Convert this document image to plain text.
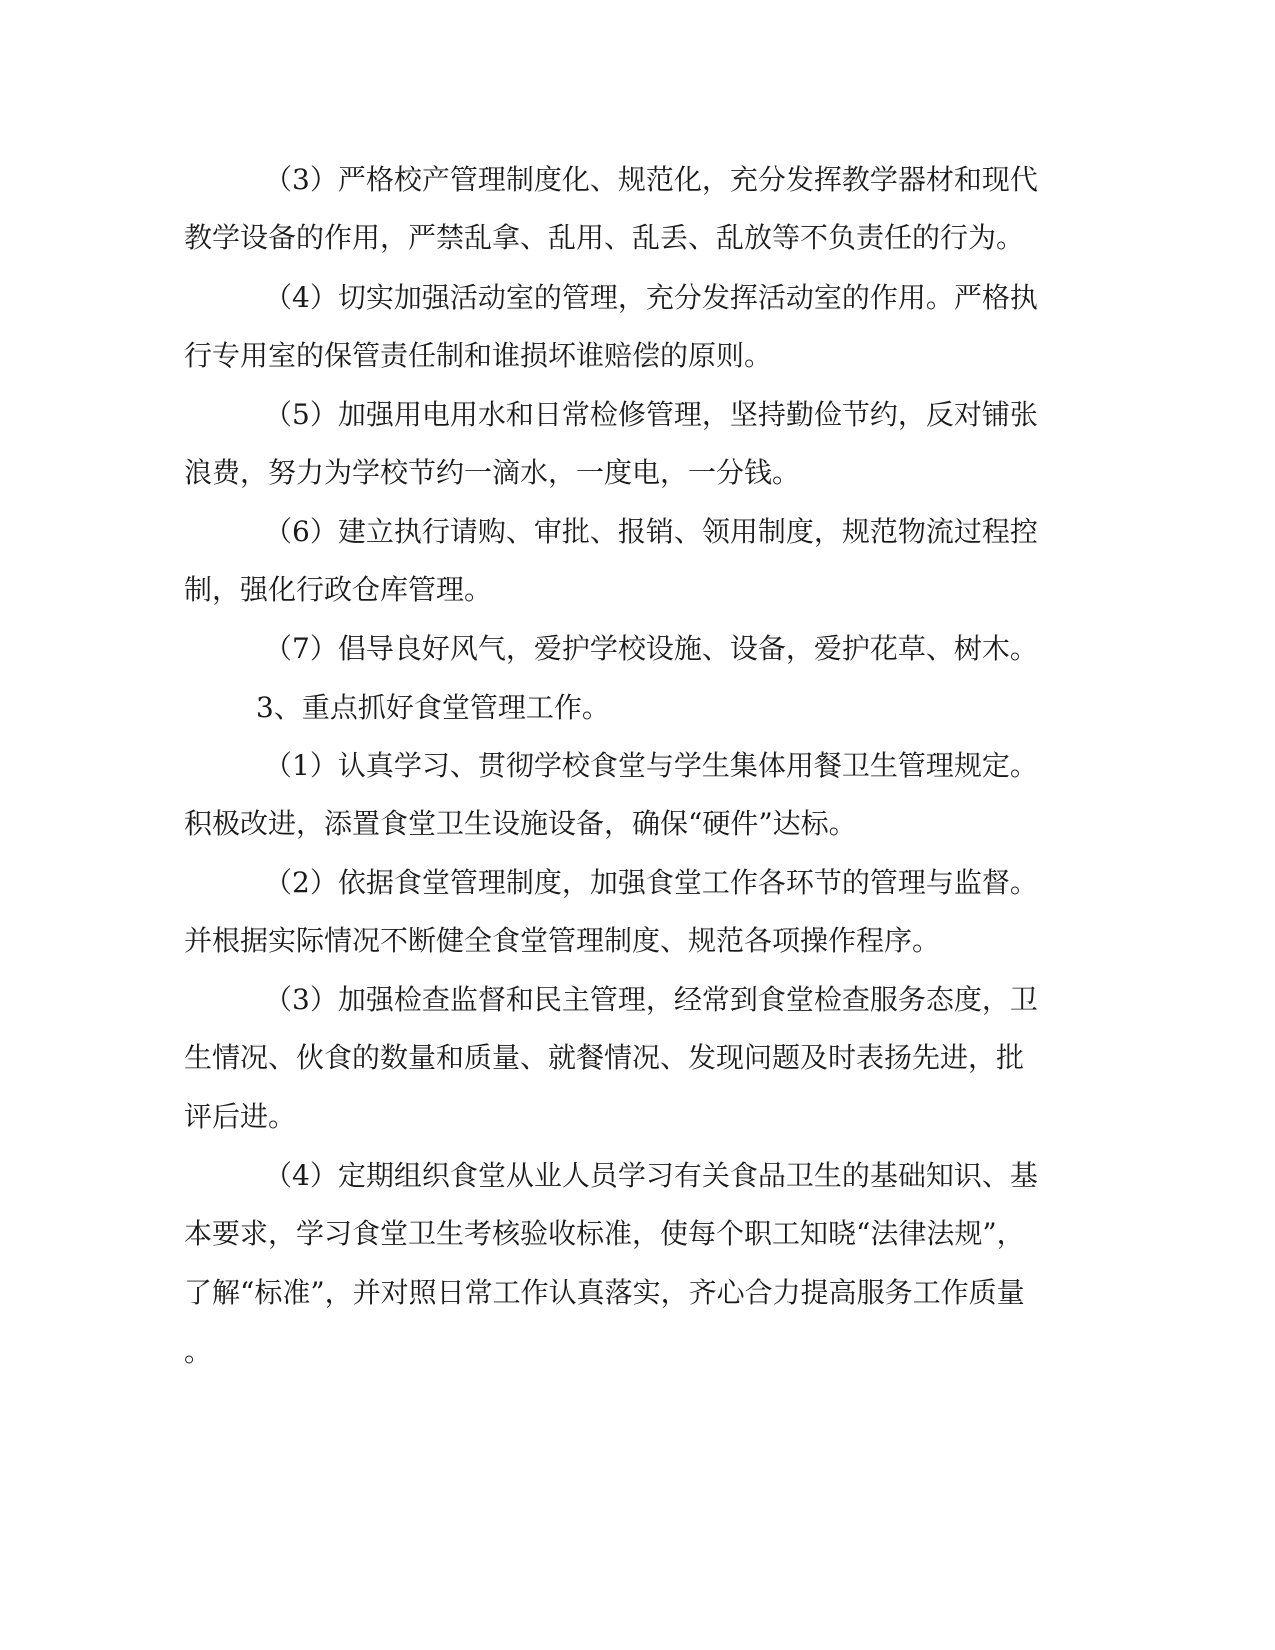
（3）严格校产管理制度化、规范化，充分发挥教学器材和现代
教学设备的作用，严禁乱拿、乱用、乱丢、乱放等不负责任的行为。
（4）切实加强活动室的管理，充分发挥活动室的作用。严格执
行专用室的保管责任制和谁损坏谁赔偿的原则。
（5）加强用电用水和日常检修管理，坚持勤俭节约，反对铺张
浪费，努力为学校节约一滴水，一度电，一分钱。
（6）建立执行请购、审批、报销、领用制度，规范物流过程控
制，强化行政仓库管理。
（7）倡导良好风气，爱护学校设施、设备，爱护花草、树木。
3、重点抓好食堂管理工作。
（1）认真学习、贯彻学校食堂与学生集体用餐卫生管理规定。
积极改进，添置食堂卫生设施设备，确保“硬件”达标。
（2）依据食堂管理制度，加强食堂工作各环节的管理与监督。
并根据实际情况不断健全食堂管理制度、规范各项操作程序。
（3）加强检查监督和民主管理，经常到食堂检查服务态度，卫
生情况、伙食的数量和质量、就餐情况、发现问题及时表扬先进，批
评后进。
（4）定期组织食堂从业人员学习有关食品卫生的基础知识、基
本要求，学习食堂卫生考核验收标准，使每个职工知晓“法律法规”，
了解“标准”，并对照日常工作认真落实，齐心合力提高服务工作质量
。
